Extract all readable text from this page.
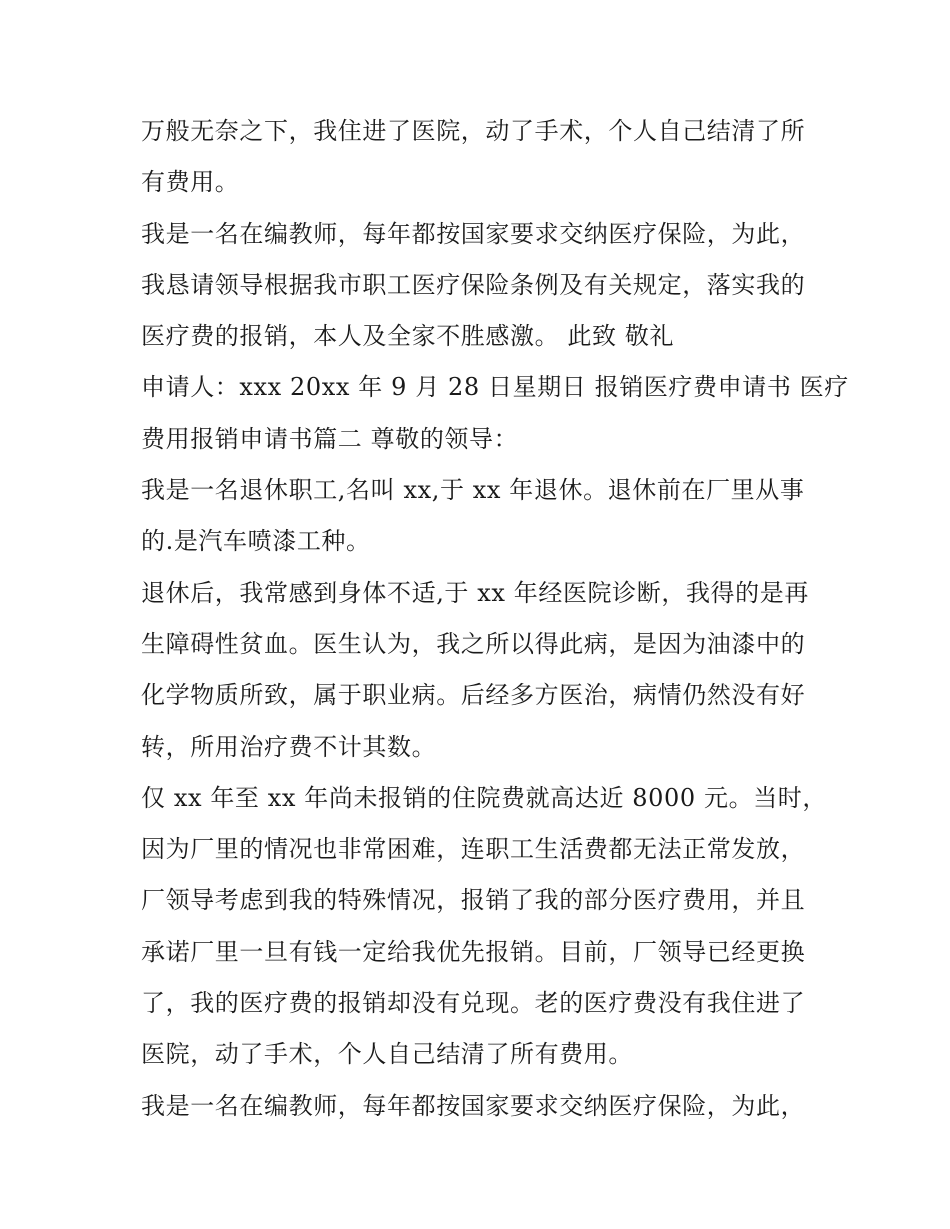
万般无奈之下，我住进了医院，动了手术，个人自己结清了所
有费用。
我是一名在编教师，每年都按国家要求交纳医疗保险，为此，
我恳请领导根据我市职工医疗保险条例及有关规定，落实我的
医疗费的报销，本人及全家不胜感激。 此致 敬礼
申请人：xxx 20xx 年 9 月 28 日星期日 报销医疗费申请书 医疗
费用报销申请书篇二 尊敬的领导：
我是一名退休职工,名叫 xx,于 xx 年退休。退休前在厂里从事
的.是汽车喷漆工种。
退休后，我常感到身体不适,于 xx 年经医院诊断，我得的是再
生障碍性贫血。医生认为，我之所以得此病，是因为油漆中的
化学物质所致，属于职业病。后经多方医治，病情仍然没有好
转，所用治疗费不计其数。
仅 xx 年至 xx 年尚未报销的住院费就高达近 8000 元。当时，
因为厂里的情况也非常困难，连职工生活费都无法正常发放，
厂领导考虑到我的特殊情况，报销了我的部分医疗费用，并且
承诺厂里一旦有钱一定给我优先报销。目前，厂领导已经更换
了，我的医疗费的报销却没有兑现。老的医疗费没有我住进了
医院，动了手术，个人自己结清了所有费用。
我是一名在编教师，每年都按国家要求交纳医疗保险，为此，
